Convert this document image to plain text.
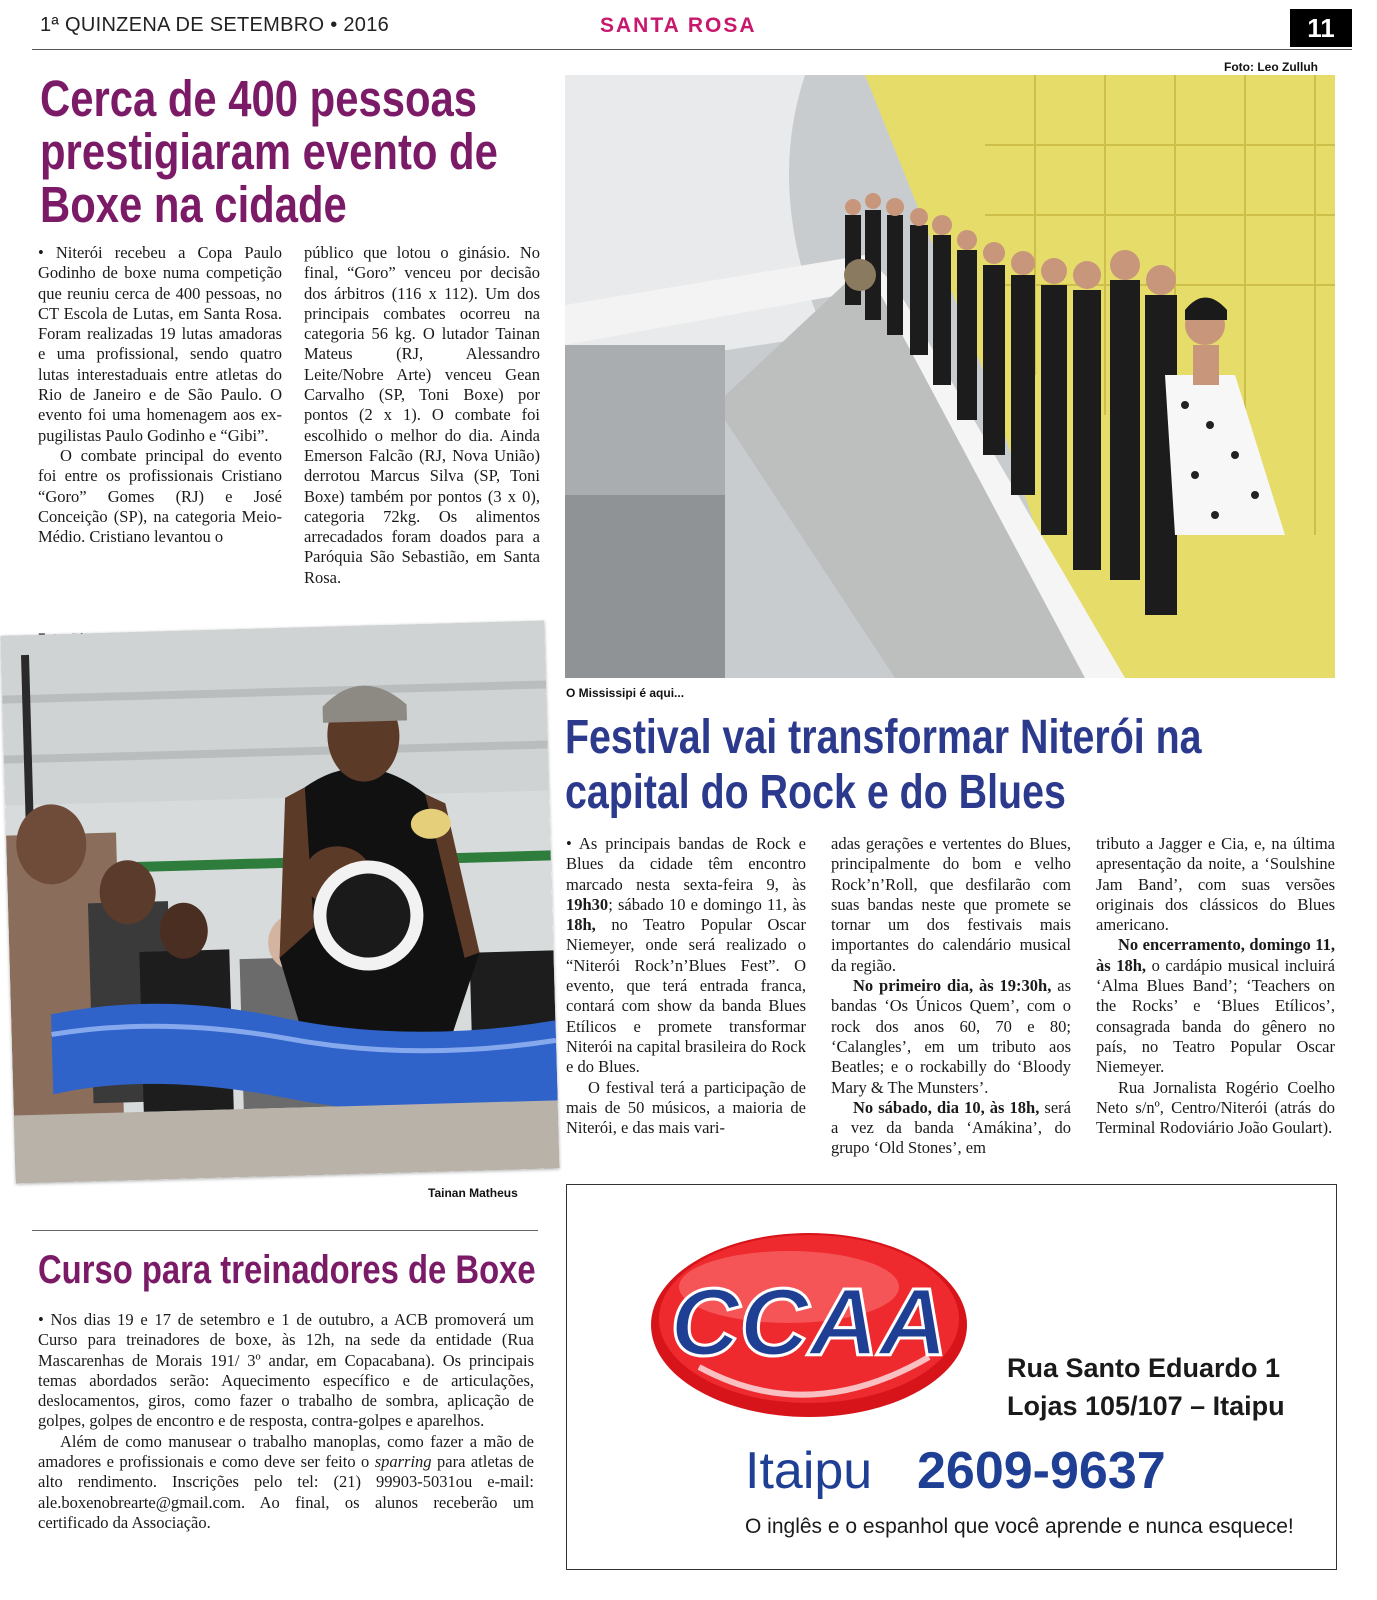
1ª QUINZENA DE SETEMBRO • 2016	SANTA ROSA	11
Cerca de 400 pessoas
prestigiaram evento de
Boxe na cidade

• Niterói recebeu a Copa Paulo Godinho de boxe numa competição que reuniu cerca de 400 pessoas, no CT Escola de Lutas, em Santa Rosa. Foram realizadas 19 lutas amadoras e uma profissional, sendo quatro lutas interestaduais entre atletas do Rio de Janeiro e de São Paulo. O evento foi uma homenagem aos ex-pugilistas Paulo Godinho e “Gibi”.

O combate principal do evento foi entre os profissionais Cristiano “Goro” Gomes (RJ) e José Conceição (SP), na categoria Meio-Médio. Cristiano levantou o

público que lotou o ginásio. No final, “Goro” venceu por decisão dos árbitros (116 x 112). Um dos principais combates ocorreu na categoria 56 kg. O lutador Tainan Mateus (RJ, Alessandro Leite/Nobre Arte) venceu Gean Carvalho (SP, Toni Boxe) por pontos (2 x 1). O combate foi escolhido o melhor do dia. Ainda Emerson Falcão (RJ, Nova União) derrotou Marcus Silva (SP, Toni Boxe) também por pontos (3 x 0), categoria 72kg. Os alimentos arrecadados foram doados para a Paróquia São Sebastião, em Santa Rosa.

Tainan Matheus
Foto: Leo Zulluh
O Mississipi é aqui...
Festival vai transformar Niterói na
capital do Rock e do Blues

• As principais bandas de Rock e Blues da cidade têm encontro marcado nesta sexta-feira 9, às 19h30; sábado 10 e domingo 11, às 18h, no Teatro Popular Oscar Niemeyer, onde será realizado o “Niterói Rock’n’Blues Fest”. O evento, que terá entrada franca, contará com show da banda Blues Etílicos e promete transformar Niterói na capital brasileira do Rock e do Blues.

O festival terá a participação de mais de 50 músicos, a maioria de Niterói, e das mais vari-

adas gerações e vertentes do Blues, principalmente do bom e velho Rock’n’Roll, que desfilarão com suas bandas neste que promete se tornar um dos festivais mais importantes do calendário musical da região.

No primeiro dia, às 19:30h, as bandas ‘Os Únicos Quem’, com o rock dos anos 60, 70 e 80; ‘Calangles’, em um tributo aos Beatles; e o rockabilly do ‘Bloody Mary & The Munsters’.

No sábado, dia 10, às 18h, será a vez da banda ‘Amákina’, do grupo ‘Old Stones’, em

tributo a Jagger e Cia, e, na última apresentação da noite, a ‘Soulshine Jam Band’, com suas versões originais dos clássicos do Blues americano.

No encerramento, domingo 11, às 18h, o cardápio musical incluirá ‘Alma Blues Band’; ‘Teachers on the Rocks’ e ‘Blues Etílicos’, consagrada banda do gênero no país, no Teatro Popular Oscar Niemeyer.

Rua Jornalista Rogério Coelho Neto s/nº, Centro/Niterói (atrás do Terminal Rodoviário João Goulart).

Curso para treinadores de Boxe

• Nos dias 19 e 17 de setembro e 1 de outubro, a ACB promoverá um Curso para treinadores de boxe, às 12h, na sede da entidade (Rua Mascarenhas de Morais 191/ 3º andar, em Copacabana). Os principais temas abordados serão: Aquecimento específico e de articulações, deslocamentos, giros, como fazer o trabalho de sombra, aplicação de golpes, golpes de encontro e de resposta, contra-golpes e aparelhos.

Além de como manusear o trabalho manoplas, como fazer a mão de amadores e profissionais e como deve ser feito o sparring para atletas de alto rendimento. Inscrições pelo tel: (21) 99903-5031ou e-mail: ale.boxenobrearte@gmail.com. Ao final, os alunos receberão um certificado da Associação.

CCAA Rua Santo Eduardo 1
Lojas 105/107 – Itaipu
Itaipu 2609-9637
O inglês e o espanhol que você aprende e nunca esquece!
